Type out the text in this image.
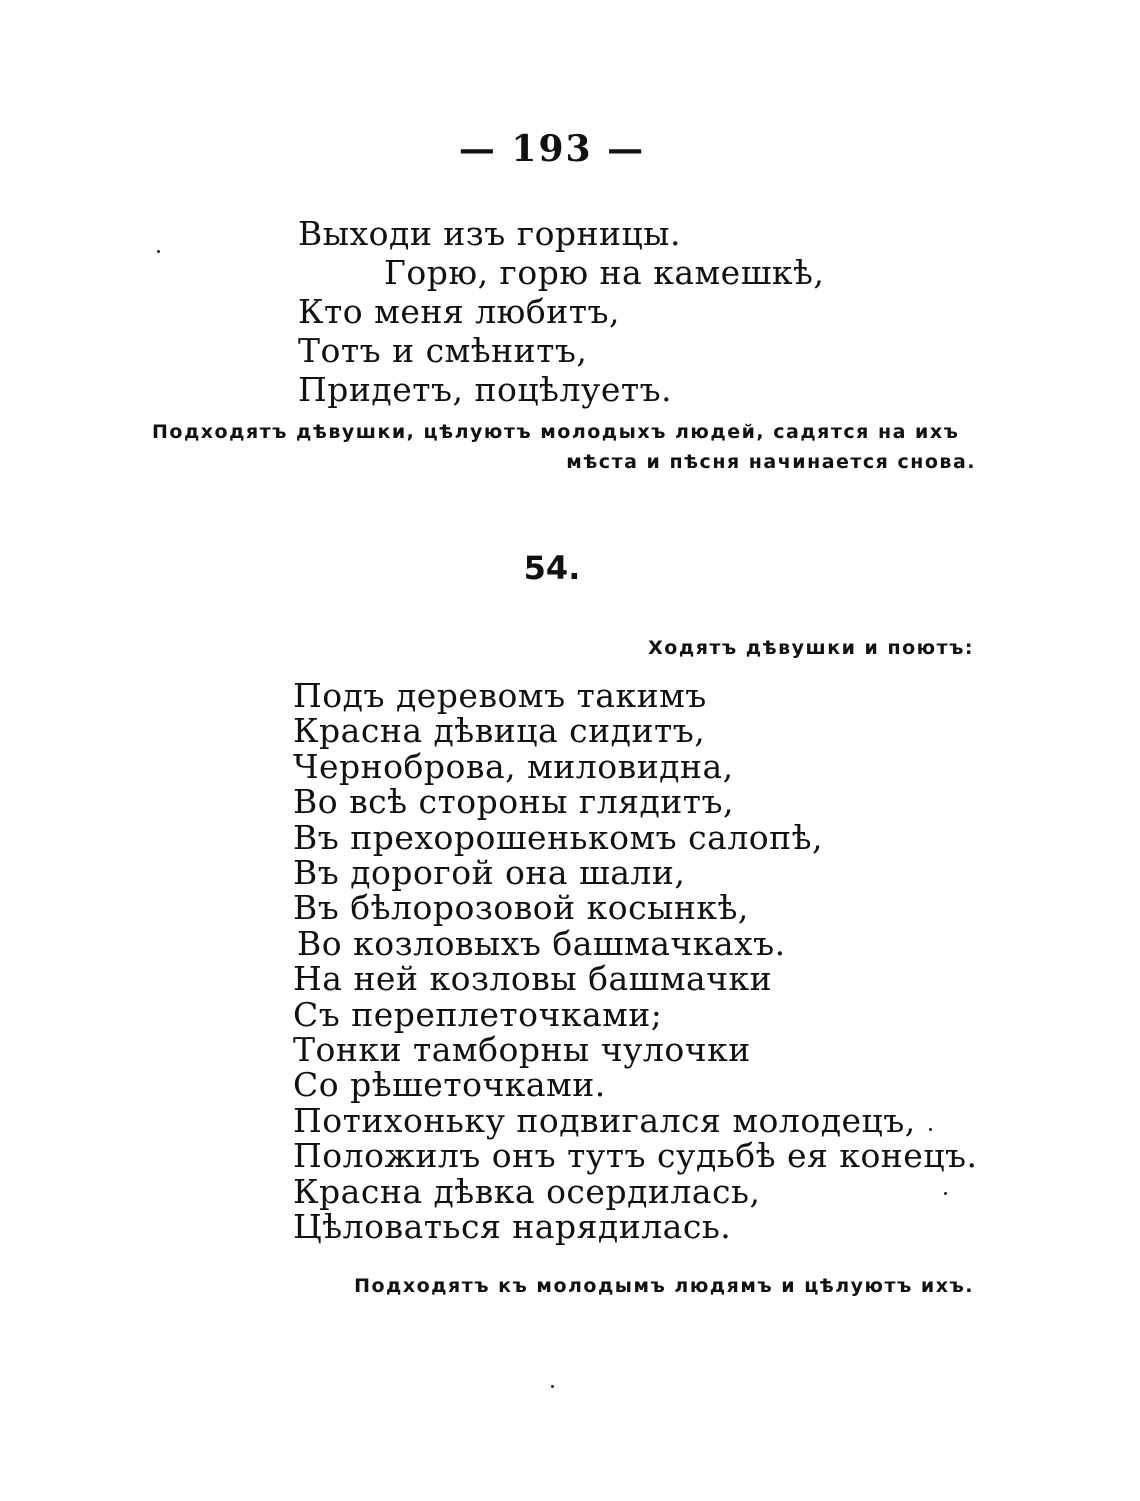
— 193 —
Выходи изъ горницы.
Горю, горю на камешкѣ,
Кто меня любитъ,
Тотъ и смѣнитъ,
Придетъ, поцѣлуетъ.
Подходятъ дѣвушки, цѣлуютъ молодыхъ людей, садятся на ихъ
мѣста и пѣсня начинается снова.
54.
Ходятъ дѣвушки и поютъ:
Подъ деревомъ такимъ
Красна дѣвица сидитъ,
Черноброва, миловидна,
Во всѣ стороны глядитъ,
Въ прехорошенькомъ салопѣ,
Въ дорогой она шали,
Въ бѣлорозовой косынкѣ,
Во козловыхъ башмачкахъ.
На ней козловы башмачки
Съ переплеточками;
Тонки тамборны чулочки
Со рѣшеточками.
Потихоньку подвигался молодецъ,
Положилъ онъ тутъ судьбѣ ея конецъ.
Красна дѣвка осердилась,
Цѣловаться нарядилась.
Подходятъ къ молодымъ людямъ и цѣлуютъ ихъ.
